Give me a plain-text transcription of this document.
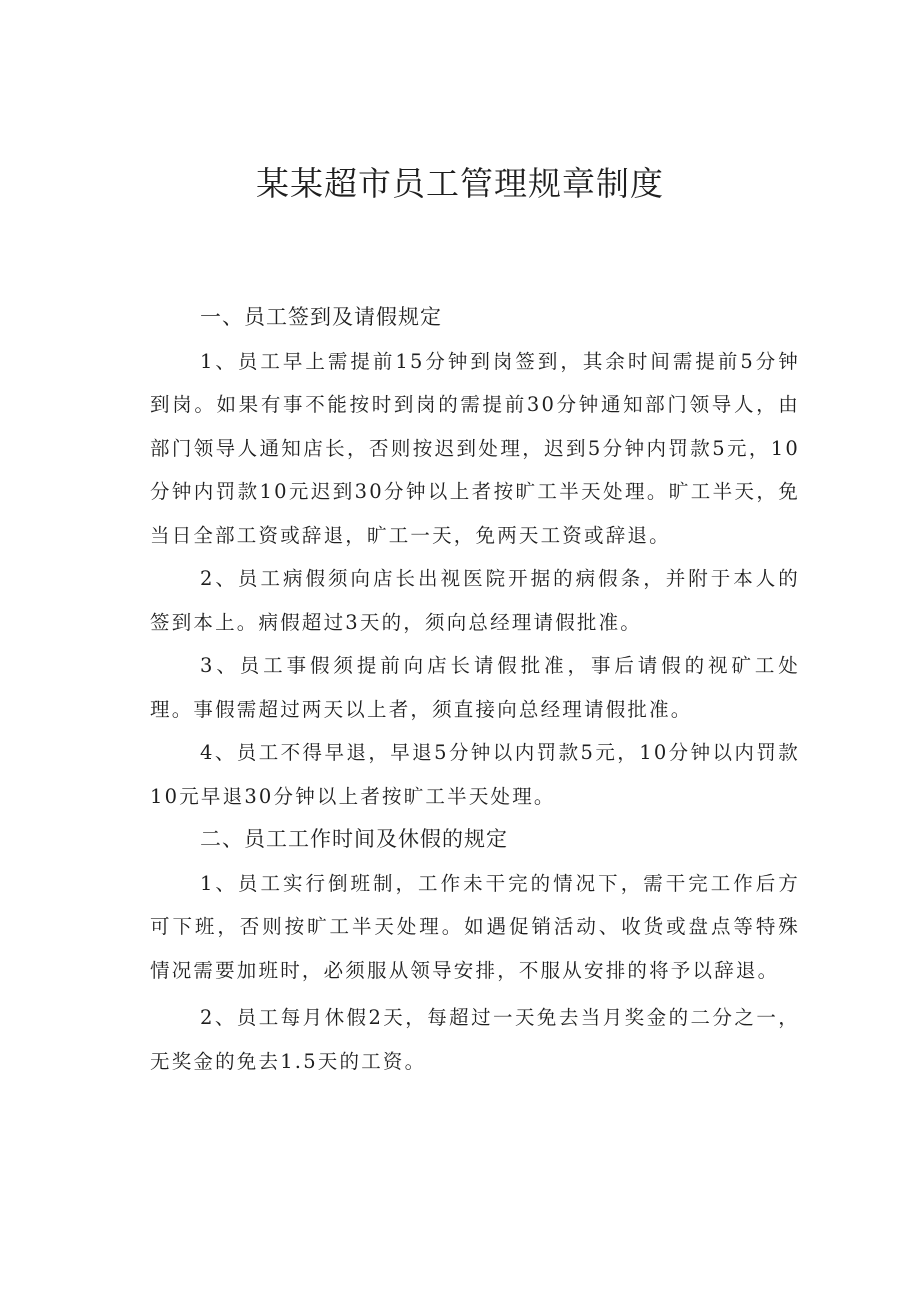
某某超市员工管理规章制度

一、员工签到及请假规定

1、员工早上需提前15分钟到岗签到，其余时间需提前5分钟到岗。如果有事不能按时到岗的需提前30分钟通知部门领导人，由部门领导人通知店长，否则按迟到处理，迟到5分钟内罚款5元，10分钟内罚款10元迟到30分钟以上者按旷工半天处理。旷工半天，免当日全部工资或辞退，旷工一天，免两天工资或辞退。

2、员工病假须向店长出视医院开据的病假条，并附于本人的签到本上。病假超过3天的，须向总经理请假批准。

3、员工事假须提前向店长请假批准，事后请假的视矿工处理。事假需超过两天以上者，须直接向总经理请假批准。

4、员工不得早退，早退5分钟以内罚款5元，10分钟以内罚款10元早退30分钟以上者按旷工半天处理。

二、员工工作时间及休假的规定

1、员工实行倒班制，工作未干完的情况下，需干完工作后方可下班，否则按旷工半天处理。如遇促销活动、收货或盘点等特殊情况需要加班时，必须服从领导安排，不服从安排的将予以辞退。

2、员工每月休假2天，每超过一天免去当月奖金的二分之一，无奖金的免去1.5天的工资。
